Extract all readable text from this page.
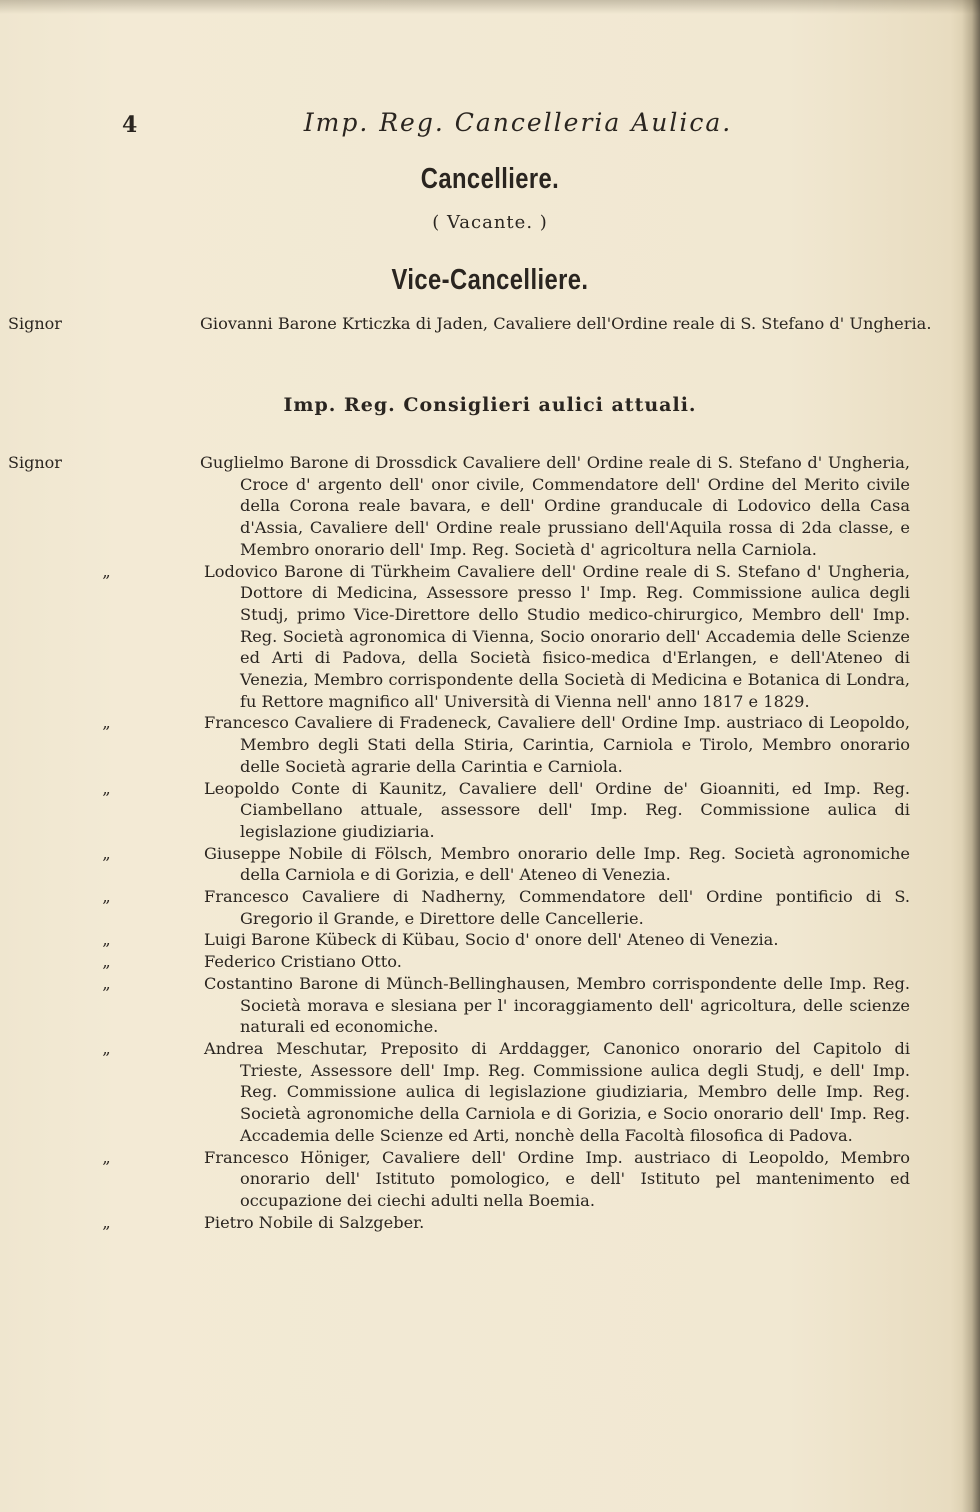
4	Imp. Reg. Cancelleria Aulica.
Cancelliere.
( Vacante. )
Vice-Cancelliere.
Signor	Giovanni Barone Krticzka di Jaden, Cavaliere dell'Ordine reale di S. Stefano d' Ungheria.
Imp. Reg. Consiglieri aulici attuali.
Signor	Guglielmo Barone di Drossdick Cavaliere dell' Ordine reale di S. Stefano d' Ungheria, Croce d' argento dell' onor civile, Commendatore dell' Ordine del Merito civile della Corona reale bavara, e dell' Ordine granducale di Lodovico della Casa d'Assia, Cavaliere dell' Ordine reale prussiano dell'Aquila rossa di 2da classe, e Membro onorario dell' Imp. Reg. Società d' agricoltura nella Carniola.
„	Lodovico Barone di Türkheim Cavaliere dell' Ordine reale di S. Stefano d' Ungheria, Dottore di Medicina, Assessore presso l' Imp. Reg. Commissione aulica degli Studj, primo Vice-Direttore dello Studio medico-chirurgico, Membro dell' Imp. Reg. Società agronomica di Vienna, Socio onorario dell' Accademia delle Scienze ed Arti di Padova, della Società fisico-medica d'Erlangen, e dell'Ateneo di Venezia, Membro corrispondente della Società di Medicina e Botanica di Londra, fu Rettore magnifico all' Università di Vienna nell' anno 1817 e 1829.
„	Francesco Cavaliere di Fradeneck, Cavaliere dell' Ordine Imp. austriaco di Leopoldo, Membro degli Stati della Stiria, Carintia, Carniola e Tirolo, Membro onorario delle Società agrarie della Carintia e Carniola.
„	Leopoldo Conte di Kaunitz, Cavaliere dell' Ordine de' Gioanniti, ed Imp. Reg. Ciambellano attuale, assessore dell' Imp. Reg. Commissione aulica di legislazione giudiziaria.
„	Giuseppe Nobile di Fölsch, Membro onorario delle Imp. Reg. Società agronomiche della Carniola e di Gorizia, e dell' Ateneo di Venezia.
„	Francesco Cavaliere di Nadherny, Commendatore dell' Ordine pontificio di S. Gregorio il Grande, e Direttore delle Cancellerie.
„	Luigi Barone Kübeck di Kübau, Socio d' onore dell' Ateneo di Venezia.
„	Federico Cristiano Otto.
„	Costantino Barone di Münch-Bellinghausen, Membro corrispondente delle Imp. Reg. Società morava e slesiana per l' incoraggiamento dell' agricoltura, delle scienze naturali ed economiche.
„	Andrea Meschutar, Preposito di Arddagger, Canonico onorario del Capitolo di Trieste, Assessore dell' Imp. Reg. Commissione aulica degli Studj, e dell' Imp. Reg. Commissione aulica di legislazione giudiziaria, Membro delle Imp. Reg. Società agronomiche della Carniola e di Gorizia, e Socio onorario dell' Imp. Reg. Accademia delle Scienze ed Arti, nonchè della Facoltà filosofica di Padova.
„	Francesco Höniger, Cavaliere dell' Ordine Imp. austriaco di Leopoldo, Membro onorario dell' Istituto pomologico, e dell' Istituto pel mantenimento ed occupazione dei ciechi adulti nella Boemia.
„	Pietro Nobile di Salzgeber.
